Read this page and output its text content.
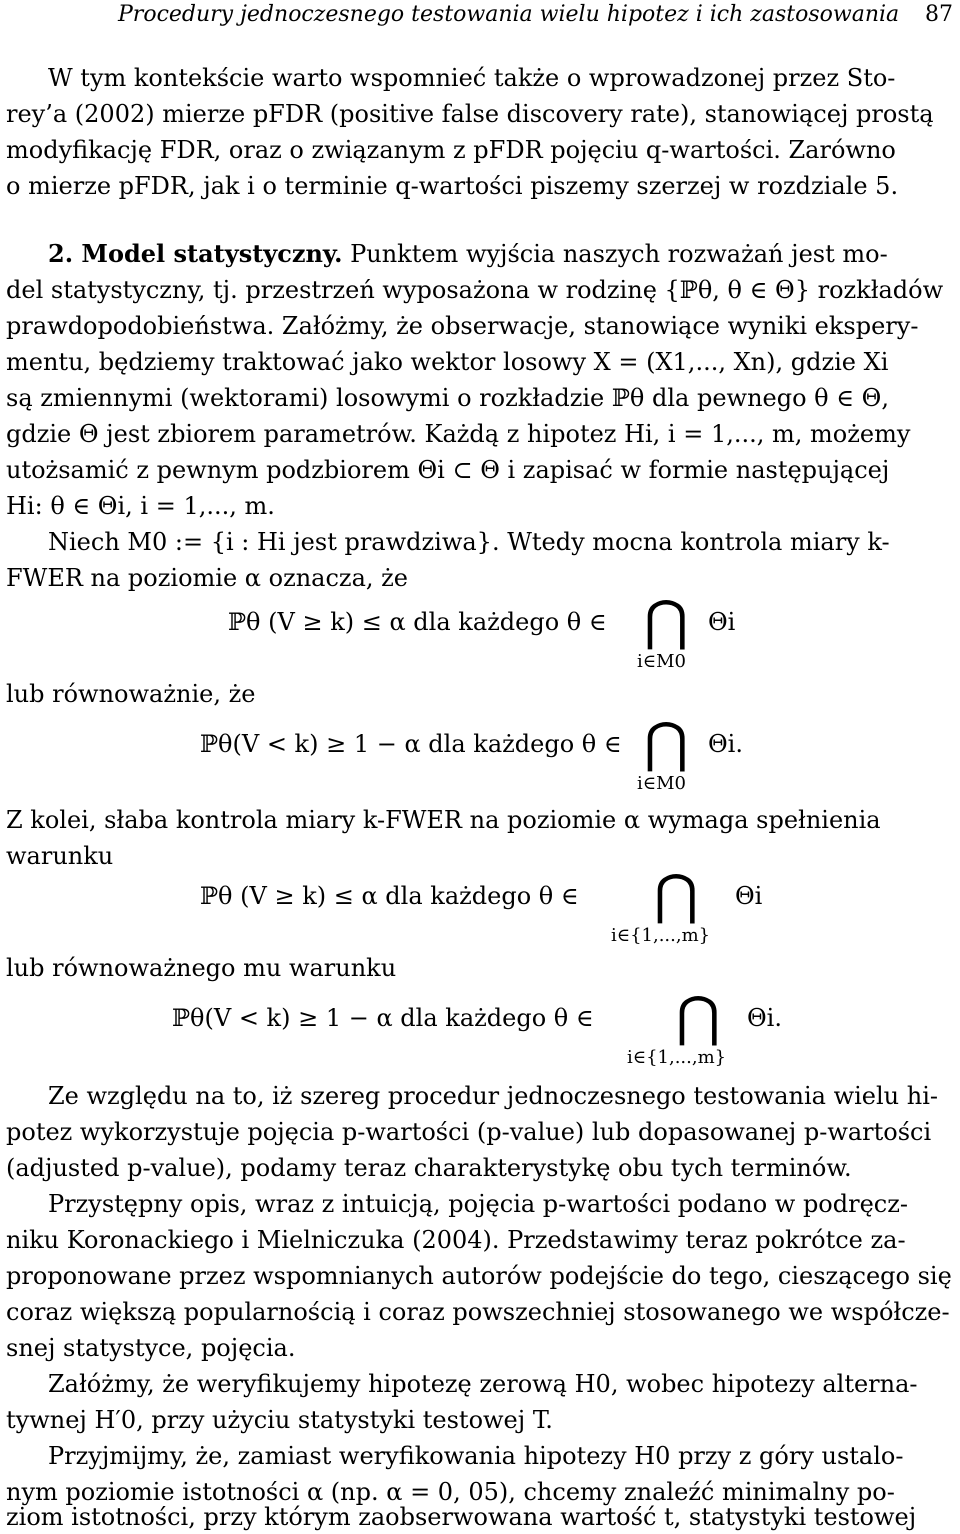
Procedury jednoczesnego testowania wielu hipotez i ich zastosowania 87
W tym kontekście warto wspomnieć także o wprowadzonej przez Sto-
rey’a (2002) mierze pFDR (positive false discovery rate), stanowiącej prostą
modyfikację FDR, oraz o związanym z pFDR pojęciu q-wartości. Zarówno
o mierze pFDR, jak i o terminie q-wartości piszemy szerzej w rozdziale 5.
2. Model statystyczny. Punktem wyjścia naszych rozważań jest mo-
del statystyczny, tj. przestrzeń wyposażona w rodzinę {ℙθ, θ ∈ Θ} rozkładów
prawdopodobieństwa. Załóżmy, że obserwacje, stanowiące wyniki ekspery-
mentu, będziemy traktować jako wektor losowy X = (X1,..., Xn), gdzie Xi
są zmiennymi (wektorami) losowymi o rozkładzie ℙθ dla pewnego θ ∈ Θ,
gdzie Θ jest zbiorem parametrów. Każdą z hipotez Hi, i = 1,..., m, możemy
utożsamić z pewnym podzbiorem Θi ⊂ Θ i zapisać w formie następującej
Hi: θ ∈ Θi, i = 1,..., m.
Niech M0 := {i : Hi jest prawdziwa}. Wtedy mocna kontrola miary k-
FWER na poziomie α oznacza, że
ℙθ (V ≥ k) ≤ α dla każdego θ ∈ ⋂ Θi
i∈M0
lub równoważnie, że
ℙθ(V < k) ≥ 1 − α dla każdego θ ∈ ⋂ Θi.
i∈M0
Z kolei, słaba kontrola miary k-FWER na poziomie α wymaga spełnienia
warunku
ℙθ (V ≥ k) ≤ α dla każdego θ ∈ ⋂ Θi
i∈{1,...,m}
lub równoważnego mu warunku
ℙθ(V < k) ≥ 1 − α dla każdego θ ∈ ⋂ Θi.
i∈{1,...,m}
Ze względu na to, iż szereg procedur jednoczesnego testowania wielu hi-
potez wykorzystuje pojęcia p-wartości (p-value) lub dopasowanej p-wartości
(adjusted p-value), podamy teraz charakterystykę obu tych terminów.
Przystępny opis, wraz z intuicją, pojęcia p-wartości podano w podręcz-
niku Koronackiego i Mielniczuka (2004). Przedstawimy teraz pokrótce za-
proponowane przez wspomnianych autorów podejście do tego, cieszącego się
coraz większą popularnością i coraz powszechniej stosowanego we współcze-
snej statystyce, pojęcia.
Załóżmy, że weryfikujemy hipotezę zerową H0, wobec hipotezy alterna-
tywnej H′0, przy użyciu statystyki testowej T.
Przyjmijmy, że, zamiast weryfikowania hipotezy H0 przy z góry ustalo-
nym poziomie istotności α (np. α = 0, 05), chcemy znaleźć minimalny po-
ziom istotności, przy którym zaobserwowana wartość t, statystyki testowej
